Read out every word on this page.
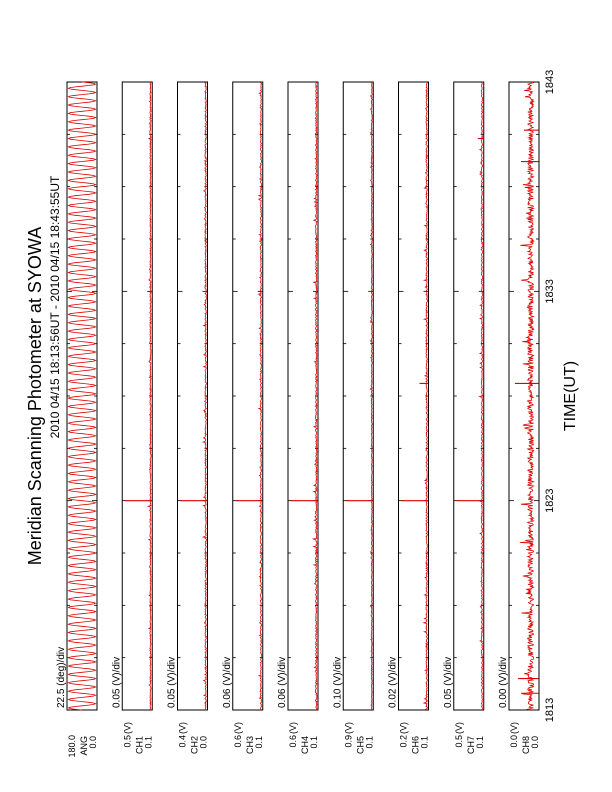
Meridian Scanning Photometer at SYOWA 2010 04/15 18:13:56UT - 2010 04/15 18:43:55UT	TIME(UT)
22.5 (deg)/div
180.0 ANG 0.0
0.05 (V)/div
(V)
0.5 CH1 0.1
0.05 (V)/div
(V)
0.4 CH2 0.0
0.06 (V)/div
(V)
0.6 CH3 0.1
0.06 (V)/div
(V)
0.6 CH4 0.1
0.10 (V)/div
(V)
0.9 CH5 0.1
0.02 (V)/div
(V)
0.2 CH6 0.1
0.05 (V)/div
(V)
0.5 CH7 0.1
0.00 (V)/div
(V)
0.0 CH8 0.0
1813
1823
1833
1843
